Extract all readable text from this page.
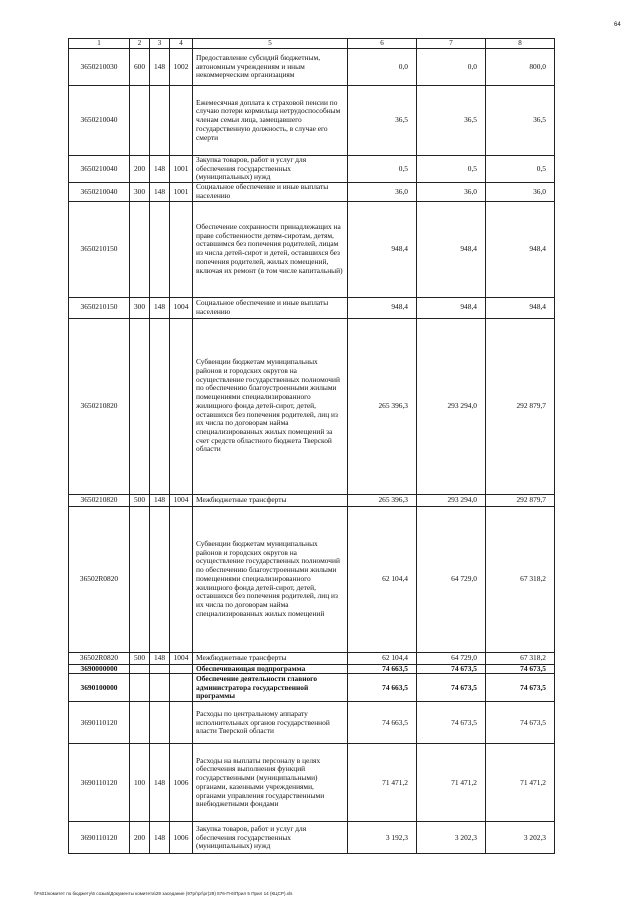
64
1	2	3	4	5	6	7	8
3650210030	600	148	1002	Предоставление субсидий бюджетным, автономным учреждениям и иным некоммерческим организациям	0,0	0,0	800,0
3650210040				Ежемесячная доплата к страховой пенсии по случаю потери кормильца нетрудоспособным членам семьи лица, замещавшего государственную должность, в случае его смерти	36,5	36,5	36,5
3650210040	200	148	1001	Закупка товаров, работ и услуг для обеспечения государственных (муниципальных) нужд	0,5	0,5	0,5
3650210040	300	148	1001	Социальное обеспечение и иные выплаты населению	36,0	36,0	36,0
3650210150				Обеспечение сохранности принадлежащих на праве собственности детям-сиротам, детям, оставшимся без попечения родителей, лицам из числа детей-сирот и детей, оставшихся без попечения родителей, жилых помещений, включая их ремонт (в том числе капитальный)	948,4	948,4	948,4
3650210150	300	148	1004	Социальное обеспечение и иные выплаты населению	948,4	948,4	948,4
3650210820				Субвенции бюджетам муниципальных районов и городских округов на осуществление государственных полномочий по обеспечению благоустроенными жилыми помещениями специализированного жилищного фонда детей-сирот, детей, оставшихся без попечения родителей, лиц из их числа по договорам найма специализированных жилых помещений за счет средств областного бюджета Тверской области	265 396,3	293 294,0	292 879,7
3650210820	500	148	1004	Межбюджетные трансферты	265 396,3	293 294,0	292 879,7
36502R0820				Субвенции бюджетам муниципальных районов и городских округов на осуществление государственных полномочий по обеспечению благоустроенными жилыми помещениями специализированного жилищного фонда детей-сирот, детей, оставшихся без попечения родителей, лиц из их числа по договорам найма специализированных жилых помещений	62 104,4	64 729,0	67 318,2
36502R0820	500	148	1004	Межбюджетные трансферты	62 104,4	64 729,0	67 318,2
3690000000				Обеспечивающая подпрограмма	74 663,5	74 673,5	74 673,5
3690100000				Обеспечение деятельности главного администратора государственной программы	74 663,5	74 673,5	74 673,5
3690110120				Расходы по центральному аппарату исполнительных органов государственной власти Тверской области	74 663,5	74 673,5	74 673,5
3690110120	100	148	1006	Расходы на выплаты персоналу в целях обеспечения выполнения функций государственными (муниципальными) органами, казенными учреждениями, органами управления государственными внебюджетными фондами	71 471,2	71 471,2	71 471,2
3690110120	200	148	1006	Закупка товаров, работ и услуг для обеспечения государственных (муниципальных) нужд	3 192,3	3 202,3	3 202,3
\\Fs01\комитет по бюджету\6 созыв\Документы комитета\29 заседание (97рг\рг\рг(29) 576-П-6\Прил 5 Прил 14 (КЦСР).xls
